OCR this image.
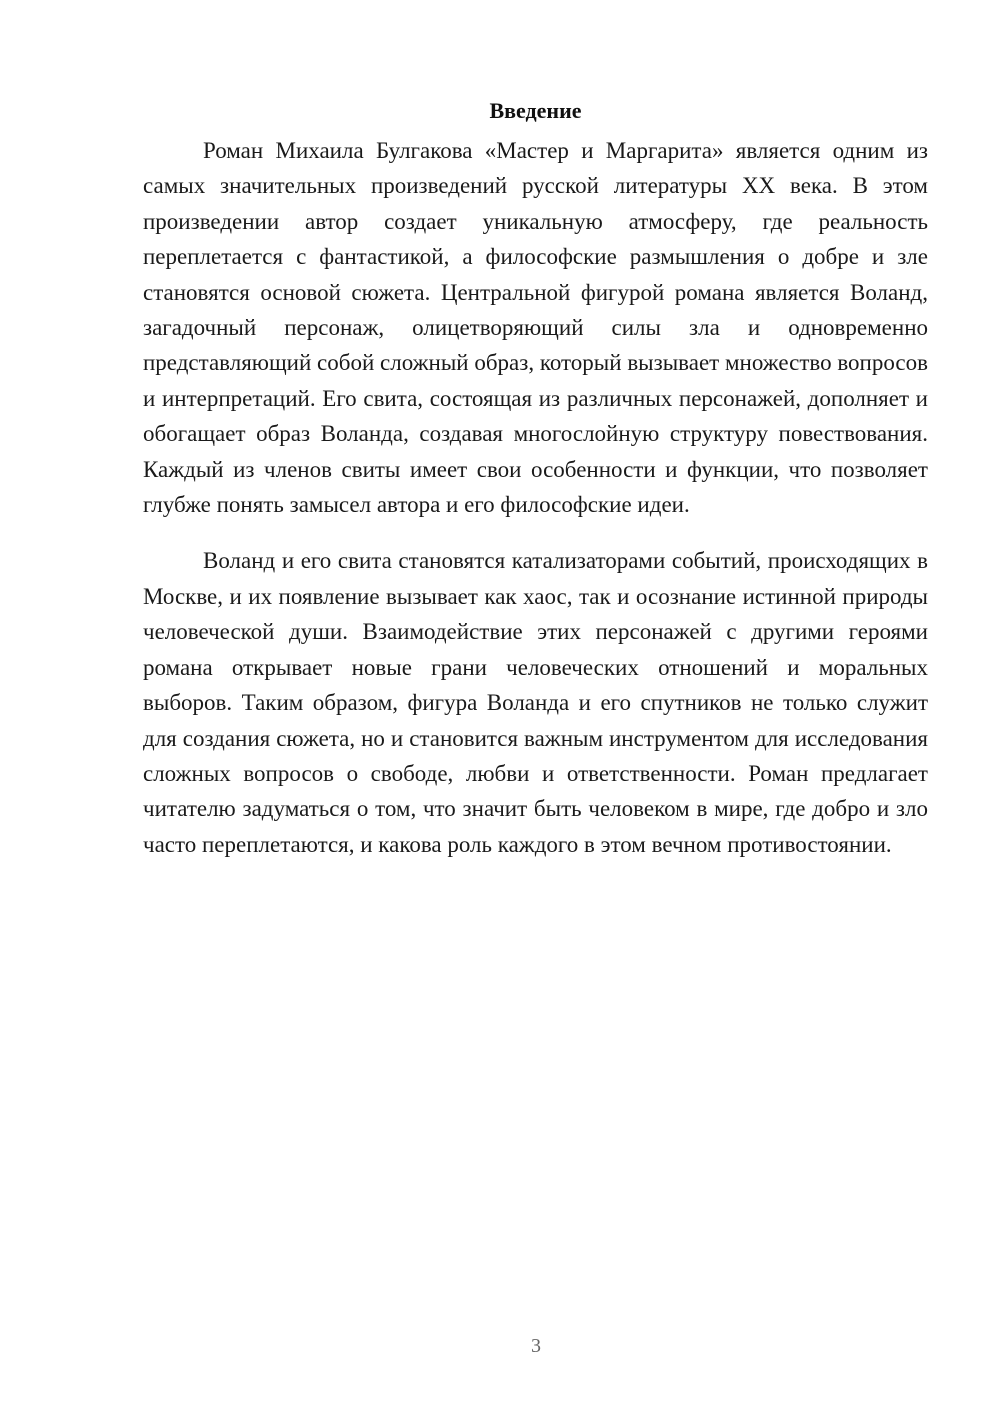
Введение

Роман Михаила Булгакова «Мастер и Маргарита» является одним из самых значительных произведений русской литературы XX века. В этом произведении автор создает уникальную атмосферу, где реальность переплетается с фантастикой, а философские размышления о добре и зле становятся основой сюжета. Центральной фигурой романа является Воланд, загадочный персонаж, олицетворяющий силы зла и одновременно представляющий собой сложный образ, который вызывает множество вопросов и интерпретаций. Его свита, состоящая из различных персонажей, дополняет и обогащает образ Воланда, создавая многослойную структуру повествования. Каждый из членов свиты имеет свои особенности и функции, что позволяет глубже понять замысел автора и его философские идеи.

Воланд и его свита становятся катализаторами событий, происходящих в Москве, и их появление вызывает как хаос, так и осознание истинной природы человеческой души. Взаимодействие этих персонажей с другими героями романа открывает новые грани человеческих отношений и моральных выборов. Таким образом, фигура Воланда и его спутников не только служит для создания сюжета, но и становится важным инструментом для исследования сложных вопросов о свободе, любви и ответственности. Роман предлагает читателю задуматься о том, что значит быть человеком в мире, где добро и зло часто переплетаются, и какова роль каждого в этом вечном противостоянии.

3
